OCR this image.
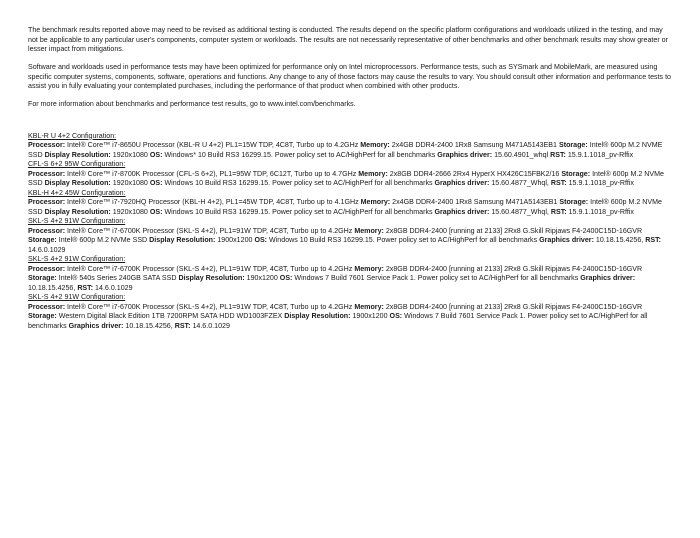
The benchmark results reported above may need to be revised as additional testing is conducted. The results depend on the specific platform configurations and workloads utilized in the testing, and may not be applicable to any particular user's components, computer system or workloads. The results are not necessarily representative of other benchmarks and other benchmark results may show greater or lesser impact from mitigations.

Software and workloads used in performance tests may have been optimized for performance only on Intel microprocessors. Performance tests, such as SYSmark and MobileMark, are measured using specific computer systems, components, software, operations and functions. Any change to any of those factors may cause the results to vary. You should consult other information and performance tests to assist you in fully evaluating your contemplated purchases, including the performance of that product when combined with other products.

For more information about benchmarks and performance test results, go to www.intel.com/benchmarks.

KBL-R U 4+2 Configuration:

Processor: Intel® Core™ i7-8650U Processor (KBL-R U 4+2) PL1=15W TDP, 4C8T, Turbo up to 4.2GHz Memory: 2x4GB DDR4-2400 1Rx8 Samsung M471A5143EB1 Storage: Intel® 600p M.2 NVME SSD Display Resolution: 1920x1080 OS: Windows* 10 Build RS3 16299.15. Power policy set to AC/HighPerf for all benchmarks Graphics driver: 15.60.4901_whql RST: 15.9.1.1018_pv-Rffix

CFL-S 6+2 95W Configuration:

Processor: Intel® Core™ i7-8700K Processor (CFL-S 6+2), PL1=95W TDP, 6C12T, Turbo up to 4.7GHz Memory: 2x8GB DDR4-2666 2Rx4 HyperX HX426C15FBK2/16 Storage: Intel® 600p M.2 NVMe SSD Display Resolution: 1920x1080 OS: Windows 10 Build RS3 16299.15. Power policy set to AC/HighPerf for all benchmarks Graphics driver: 15.60.4877_Whql, RST: 15.9.1.1018_pv-Rffix

KBL-H 4+2 45W Configuration:

Processor: Intel® Core™ i7-7920HQ Processor (KBL-H 4+2), PL1=45W TDP, 4C8T, Turbo up to 4.1GHz Memory: 2x4GB DDR4-2400 1Rx8 Samsung M471A5143EB1 Storage: Intel® 600p M.2 NVMe SSD Display Resolution: 1920x1080 OS: Windows 10 Build RS3 16299.15. Power policy set to AC/HighPerf for all benchmarks Graphics driver: 15.60.4877_Whql, RST: 15.9.1.1018_pv-Rffix

SKL-S 4+2 91W Configuration:

Processor: Intel® Core™ i7-6700K Processor (SKL-S 4+2), PL1=91W TDP, 4C8T, Turbo up to 4.2GHz Memory: 2x8GB DDR4-2400 [running at 2133] 2Rx8 G.Skill Ripjaws F4-2400C15D-16GVR Storage: Intel® 600p M.2 NVMe SSD Display Resolution: 1900x1200 OS: Windows 10 Build RS3 16299.15. Power policy set to AC/HighPerf for all benchmarks Graphics driver: 10.18.15.4256, RST: 14.6.0.1029

SKL-S 4+2 91W Configuration:

Processor: Intel® Core™ i7-6700K Processor (SKL-S 4+2), PL1=91W TDP, 4C8T, Turbo up to 4.2GHz Memory: 2x8GB DDR4-2400 [running at 2133] 2Rx8 G.Skill Ripjaws F4-2400C15D-16GVR Storage: Intel® 540s Series 240GB SATA SSD Display Resolution: 190x1200 OS: Windows 7 Build 7601 Service Pack 1. Power policy set to AC/HighPerf for all benchmarks Graphics driver: 10.18.15.4256, RST: 14.6.0.1029

SKL-S 4+2 91W Configuration:

Processor: Intel® Core™ i7-6700K Processor (SKL-S 4+2), PL1=91W TDP, 4C8T, Turbo up to 4.2GHz Memory: 2x8GB DDR4-2400 [running at 2133] 2Rx8 G.Skill Ripjaws F4-2400C15D-16GVR Storage: Western Digital Black Edition 1TB 7200RPM SATA HDD WD1003FZEX Display Resolution: 1900x1200 OS: Windows 7 Build 7601 Service Pack 1. Power policy set to AC/HighPerf for all benchmarks Graphics driver: 10.18.15.4256, RST: 14.6.0.1029
